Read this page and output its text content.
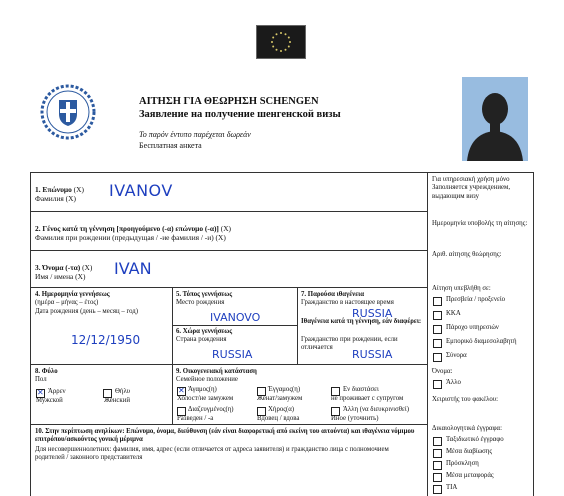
ΑΙΤΗΣΗ ΓΙΑ ΘΕΩΡΗΣΗ SCHENGEN
Заявление на получение шенгенской визы
Το παρόν έντυπο παρέχεται δωρεάν
Бесплатная анкета
1. Επώνυμο (X)
Фамилия (X)	IVANOV
2. Γένος κατά τη γέννηση [προηγούμενο (-α) επώνυμο (-α)] (X)
Фамилия при рождении (предыдущая / -ие фамилия / -и) (X)
3. Όνομα (-τα) (X)
Имя / имена (X)	IVAN
4. Ημερομηνία γεννήσεως
(ημέρα – μήνας – έτος)
Дата рождения (день – месяц – год)
12/12/1950
5. Τόπος γεννήσεως
Место рождения
IVANOVO
6. Χώρα γεννήσεως
Страна рождения
RUSSIA
7. Παρούσα ιθαγένεια
Гражданство в настоящее время
RUSSIA
Ιθαγένεια κατά τη γέννηση, εάν διαφέρει:
Гражданство при рождении, если отличается
RUSSIA
8. Φύλο
Пол
✕
Άρρεν

Мужской
Θήλυ
Женский
9. Οικογενειακή κατάσταση
Семейное положение
✕
Άγαμος(η)
Холост/не замужем
Έγγαμος(η)
Женат/замужем
Εν διαστάσει
не проживает с супругом
Διαζευγμένος(η)
Разведен / -а
Χήρος(α)
Вдовец / вдова
Άλλη (να διευκρινισθεί)
Иное (уточнить)
10. Στην περίπτωση ανηλίκων: Επώνυμο, όνομα, διεύθυνση (εάν είναι διαφορετική από εκείνη του αιτούντα) και ιθαγένεια νόμιμου επιτρόπου/ασκούντος γονική μέριμνα
Для несовершеннолетних: фамилия, имя, адрес (если отличается от адреса заявителя) и гражданство лица с полномочием родителей / законного представителя
Για υπηρεσιακή χρήση μόνο
Заполняется учреждением, выдающим визу
Ημερομηνία υποβολής τη αίτησης:
Αριθ. αίτησης θεώρησης:
Αίτηση υπεβλήθη σε:
Πρεσβεία / προξενείο
ΚΚΑ
Πάροχο υπηρεσιών
Εμπορικό διαμεσολαβητή
Σύνορα
Όνομα:
Άλλο
Χειριστής του φακέλου:
Δικαιολογητικά έγγραφα:
Ταξιδιωτικό έγγραφο
Μέσα διαβίωσης
Πρόσκληση
Μέσα μεταφοράς
ΤΙΑ
